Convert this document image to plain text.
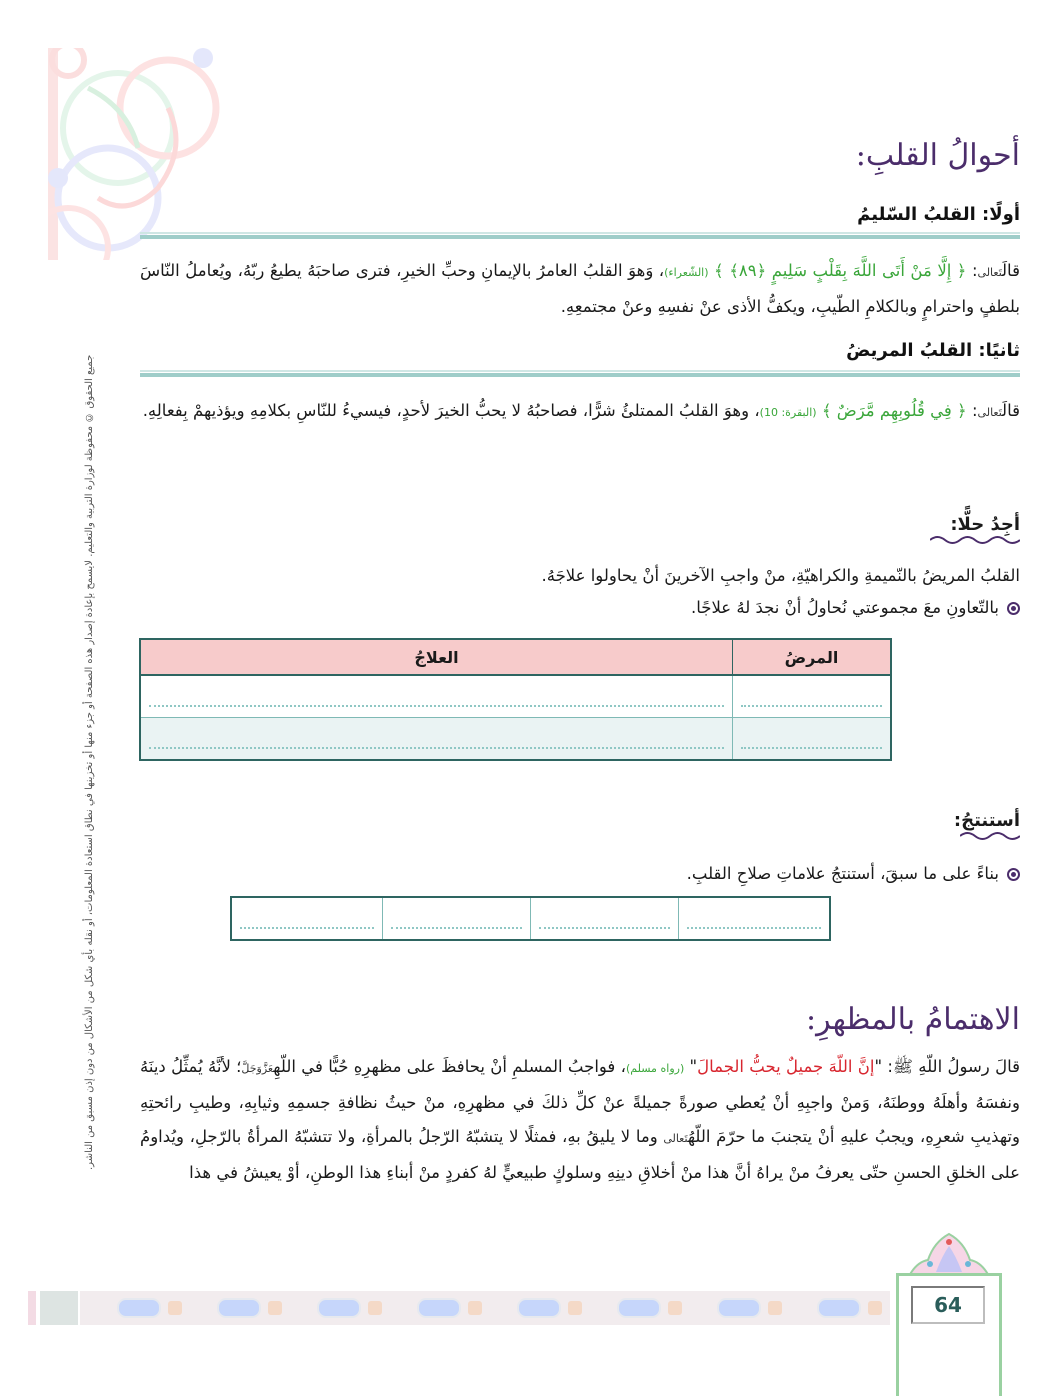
جميع الحقوق © محفوظة لوزارة التربية والتعليم. لايسمح بإعادة إصدار هذه الصفحة أو جزء منها أو تخزينها في نطاق استعادة المعلومات، أو نقله بأي شكل من الأشكال من دون إذن مسبق من الناشر.
أحوالُ القلبِ:
أولًا: القلبُ السّليمُ
قالَتَعالى: ﴿ إِلَّا مَنْ أَتَى اللَّهَ بِقَلْبٍ سَلِيمٍ ﴿٨٩﴾ ﴾ (الشّعراء)، وَهوَ القلبُ العامرُ بالإيمانِ وحبِّ الخيرِ، فترى صاحبَهُ يطيعُ ربّهُ، ويُعاملُ النّاسَ بلطفٍ واحترامٍ وبالكلامِ الطّيبِ، ويكفُّ الأذى عنْ نفسِهِ وعنْ مجتمعِهِ.
ثانيًا: القلبُ المريضُ
قالَتَعالى: ﴿ فِي قُلُوبِهِم مَّرَضٌ ﴾ (البقرة: 10)، وهوَ القلبُ الممتلئُ شرًّا، فصاحبُهُ لا يحبُّ الخيرَ لأحدٍ، فيسيءُ للنّاسِ بكلامِهِ ويؤذيهمْ بِفعالِهِ.
أجِدُ حلًّا:
القلبُ المريضُ بالنّميمةِ والكراهيّةِ، منْ واجبِ الآخرينَ أنْ يحاولوا علاجَهُ.
بالتّعاونِ معَ مجموعتي نُحاولُ أنْ نجدَ لهُ علاجًا.
المرضُ	العلاجُ

أستنتجُ:
بناءً على ما سبقَ، أستنتجُ علاماتِ صلاحِ القلبِ.

الاهتمامُ بالمظهرِ:
قالَ رسولُ اللّهِ ﷺ: "إنَّ اللّهَ جميلٌ يحبُّ الجمالَ" (رواه مسلم)، فواجبُ المسلمِ أنْ يحافظَ على مظهرِهِ حُبًّا في اللّهِعَزَّوَجَلَّ؛ لأنَّهُ يُمثِّلُ دينَهُ ونفسَهُ وأهلَهُ ووطنَهُ، وَمنْ واجبِهِ أنْ يُعطي صورةً جميلةً عنْ كلِّ ذلكَ في مظهرِهِ، منْ حيثُ نظافةِ جسمِهِ وثيابِهِ، وطيبِ رائحتِهِ وتهذيبِ شعرِهِ، ويجبُ عليهِ أنْ يتجنبَ ما حرّمَ اللّهُتَعالى وما لا يليقُ بهِ، فمثلًا لا يتشبّهُ الرّجلُ بالمرأةِ، ولا تتشبّهُ المرأةُ بالرّجلِ، ويُداومُ على الخلقِ الحسنِ حتّى يعرفُ منْ يراهُ أنَّ هذا منْ أخلاقِ دينِهِ وسلوكٍ طبيعيٍّ لهُ كفردٍ منْ أبناءِ هذا الوطنِ، أوْ يعيشُ في هذا
64
